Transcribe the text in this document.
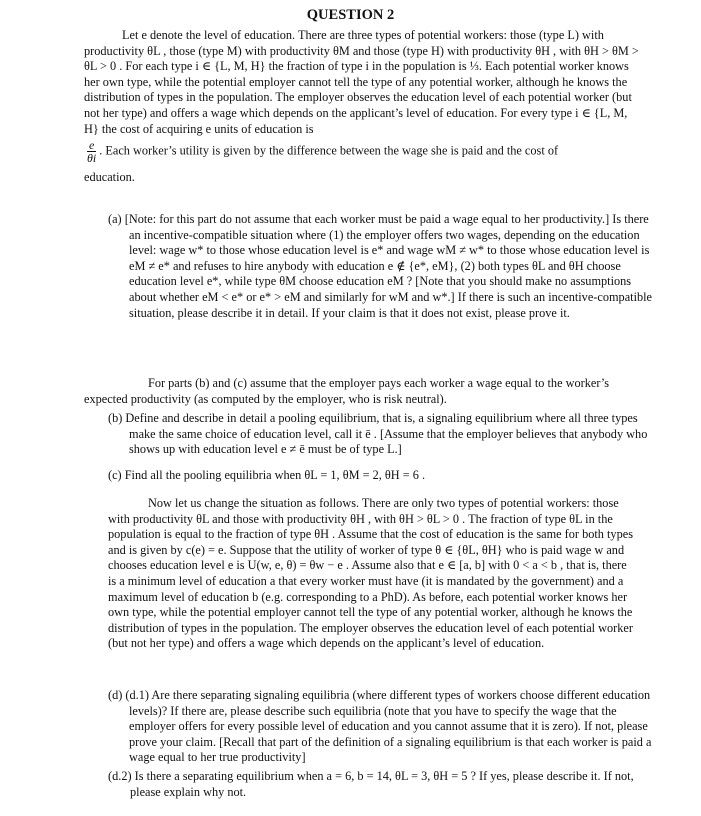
QUESTION 2

Let e denote the level of education. There are three types of potential workers: those (type L) with productivity θL , those (type M) with productivity θM and those (type H) with productivity θH , with θH > θM > θL > 0 . For each type i ∈ {L, M, H} the fraction of type i in the population is ⅓. Each potential worker knows her own type, while the potential employer cannot tell the type of any potential worker, although he knows the distribution of types in the population. The employer observes the education level of each potential worker (but not her type) and offers a wage which depends on the applicant’s level of education. For every type i ∈ {L, M, H} the cost of acquiring e units of education is
$\frac{e}{\theta i}$ . Each worker’s utility is given by the difference between the wage she is paid and the cost of
education.

(a) [Note: for this part do not assume that each worker must be paid a wage equal to her productivity.] Is there an incentive-compatible situation where (1) the employer offers two wages, depending on the education level: wage w* to those whose education level is e* and wage wM ≠ w* to those whose education level is eM ≠ e* and refuses to hire anybody with education e ∉ {e*, eM}, (2) both types θL and θH choose education level e*, while type θM choose education eM ? [Note that you should make no assumptions about whether eM < e* or e* > eM and similarly for wM and w*.] If there is such an incentive-compatible situation, please describe it in detail. If your claim is that it does not exist, please prove it.

For parts (b) and (c) assume that the employer pays each worker a wage equal to the worker’s expected productivity (as computed by the employer, who is risk neutral).

(b) Define and describe in detail a pooling equilibrium, that is, a signaling equilibrium where all three types make the same choice of education level, call it ē . [Assume that the employer believes that anybody who shows up with education level e ≠ ē must be of type L.]

(c) Find all the pooling equilibria when θL = 1, θM = 2, θH = 6 .

Now let us change the situation as follows. There are only two types of potential workers: those with productivity θL and those with productivity θH , with θH > θL > 0 . The fraction of type θL in the population is equal to the fraction of type θH . Assume that the cost of education is the same for both types and is given by c(e) = e. Suppose that the utility of worker of type θ ∈ {θL, θH} who is paid wage w and chooses education level e is U(w, e, θ) = θw − e . Assume also that e ∈ [a, b] with 0 < a < b , that is, there is a minimum level of education a that every worker must have (it is mandated by the government) and a maximum level of education b (e.g. corresponding to a PhD). As before, each potential worker knows her own type, while the potential employer cannot tell the type of any potential worker, although he knows the distribution of types in the population. The employer observes the education level of each potential worker (but not her type) and offers a wage which depends on the applicant’s level of education.

(d) (d.1) Are there separating signaling equilibria (where different types of workers choose different education levels)? If there are, please describe such equilibria (note that you have to specify the wage that the employer offers for every possible level of education and you cannot assume that it is zero). If not, please prove your claim. [Recall that part of the definition of a signaling equilibrium is that each worker is paid a wage equal to her true productivity]

(d.2) Is there a separating equilibrium when a = 6, b = 14, θL = 3, θH = 5 ? If yes, please describe it. If not, please explain why not.
